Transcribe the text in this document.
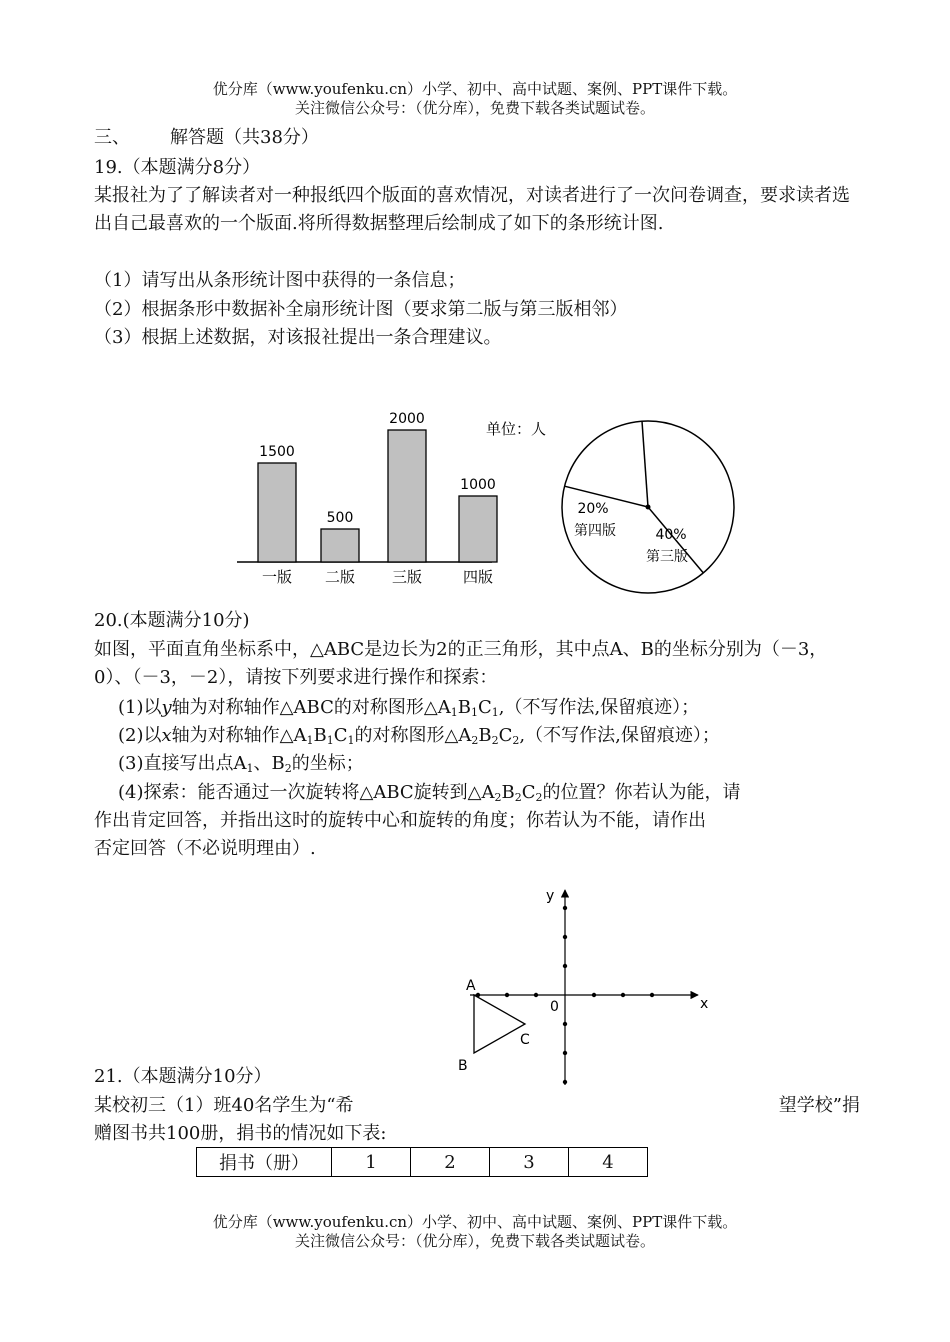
优分库（www.youfenku.cn）小学、初中、高中试题、案例、PPT课件下载。
关注微信公众号：（优分库），免费下载各类试题试卷。
三、 解答题（共38分）
19.（本题满分8分）

某报社为了了解读者对一种报纸四个版面的喜欢情况，对读者进行了一次问卷调查，要求读者选出自己最喜欢的一个版面.将所得数据整理后绘制成了如下的条形统计图.

（1）请写出从条形统计图中获得的一条信息；
（2）根据条形中数据补全扇形统计图（要求第二版与第三版相邻）
（3）根据上述数据，对该报社提出一条合理建议。
1500
一版
500
二版
2000
三版
1000
四版
单位：人
20%
第四版	40%
第三版
20.(本题满分10分)

如图，平面直角坐标系中，△ABC是边长为2的正三角形，其中点A、B的坐标分别为（－3，0）、（－3，－2），请按下列要求进行操作和探索：

(1)以y轴为对称轴作△ABC的对称图形$\triangle A_1B_1C_1$,（不写作法,保留痕迹）；
(2)以x轴为对称轴作$\triangle A_1B_1C_1$的对称图形$\triangle A_2B_2C_2$,（不写作法,保留痕迹）；
(3)直接写出点$A_1$、$B_2$的坐标；
(4)探索：能否通过一次旋转将△ABC旋转到$\triangle A_2B_2C_2$的位置？你若认为能，请
作出肯定回答，并指出这时的旋转中心和旋转的角度；你若认为不能，请作出
否定回答（不必说明理由）.
y
x
0
A
B
C
21.（本题满分10分）
某校初三（1）班40名学生为“希	望学校”捐
赠图书共100册，捐书的情况如下表:
捐书（册）	1	2	3	4
优分库（www.youfenku.cn）小学、初中、高中试题、案例、PPT课件下载。
关注微信公众号：（优分库），免费下载各类试题试卷。
